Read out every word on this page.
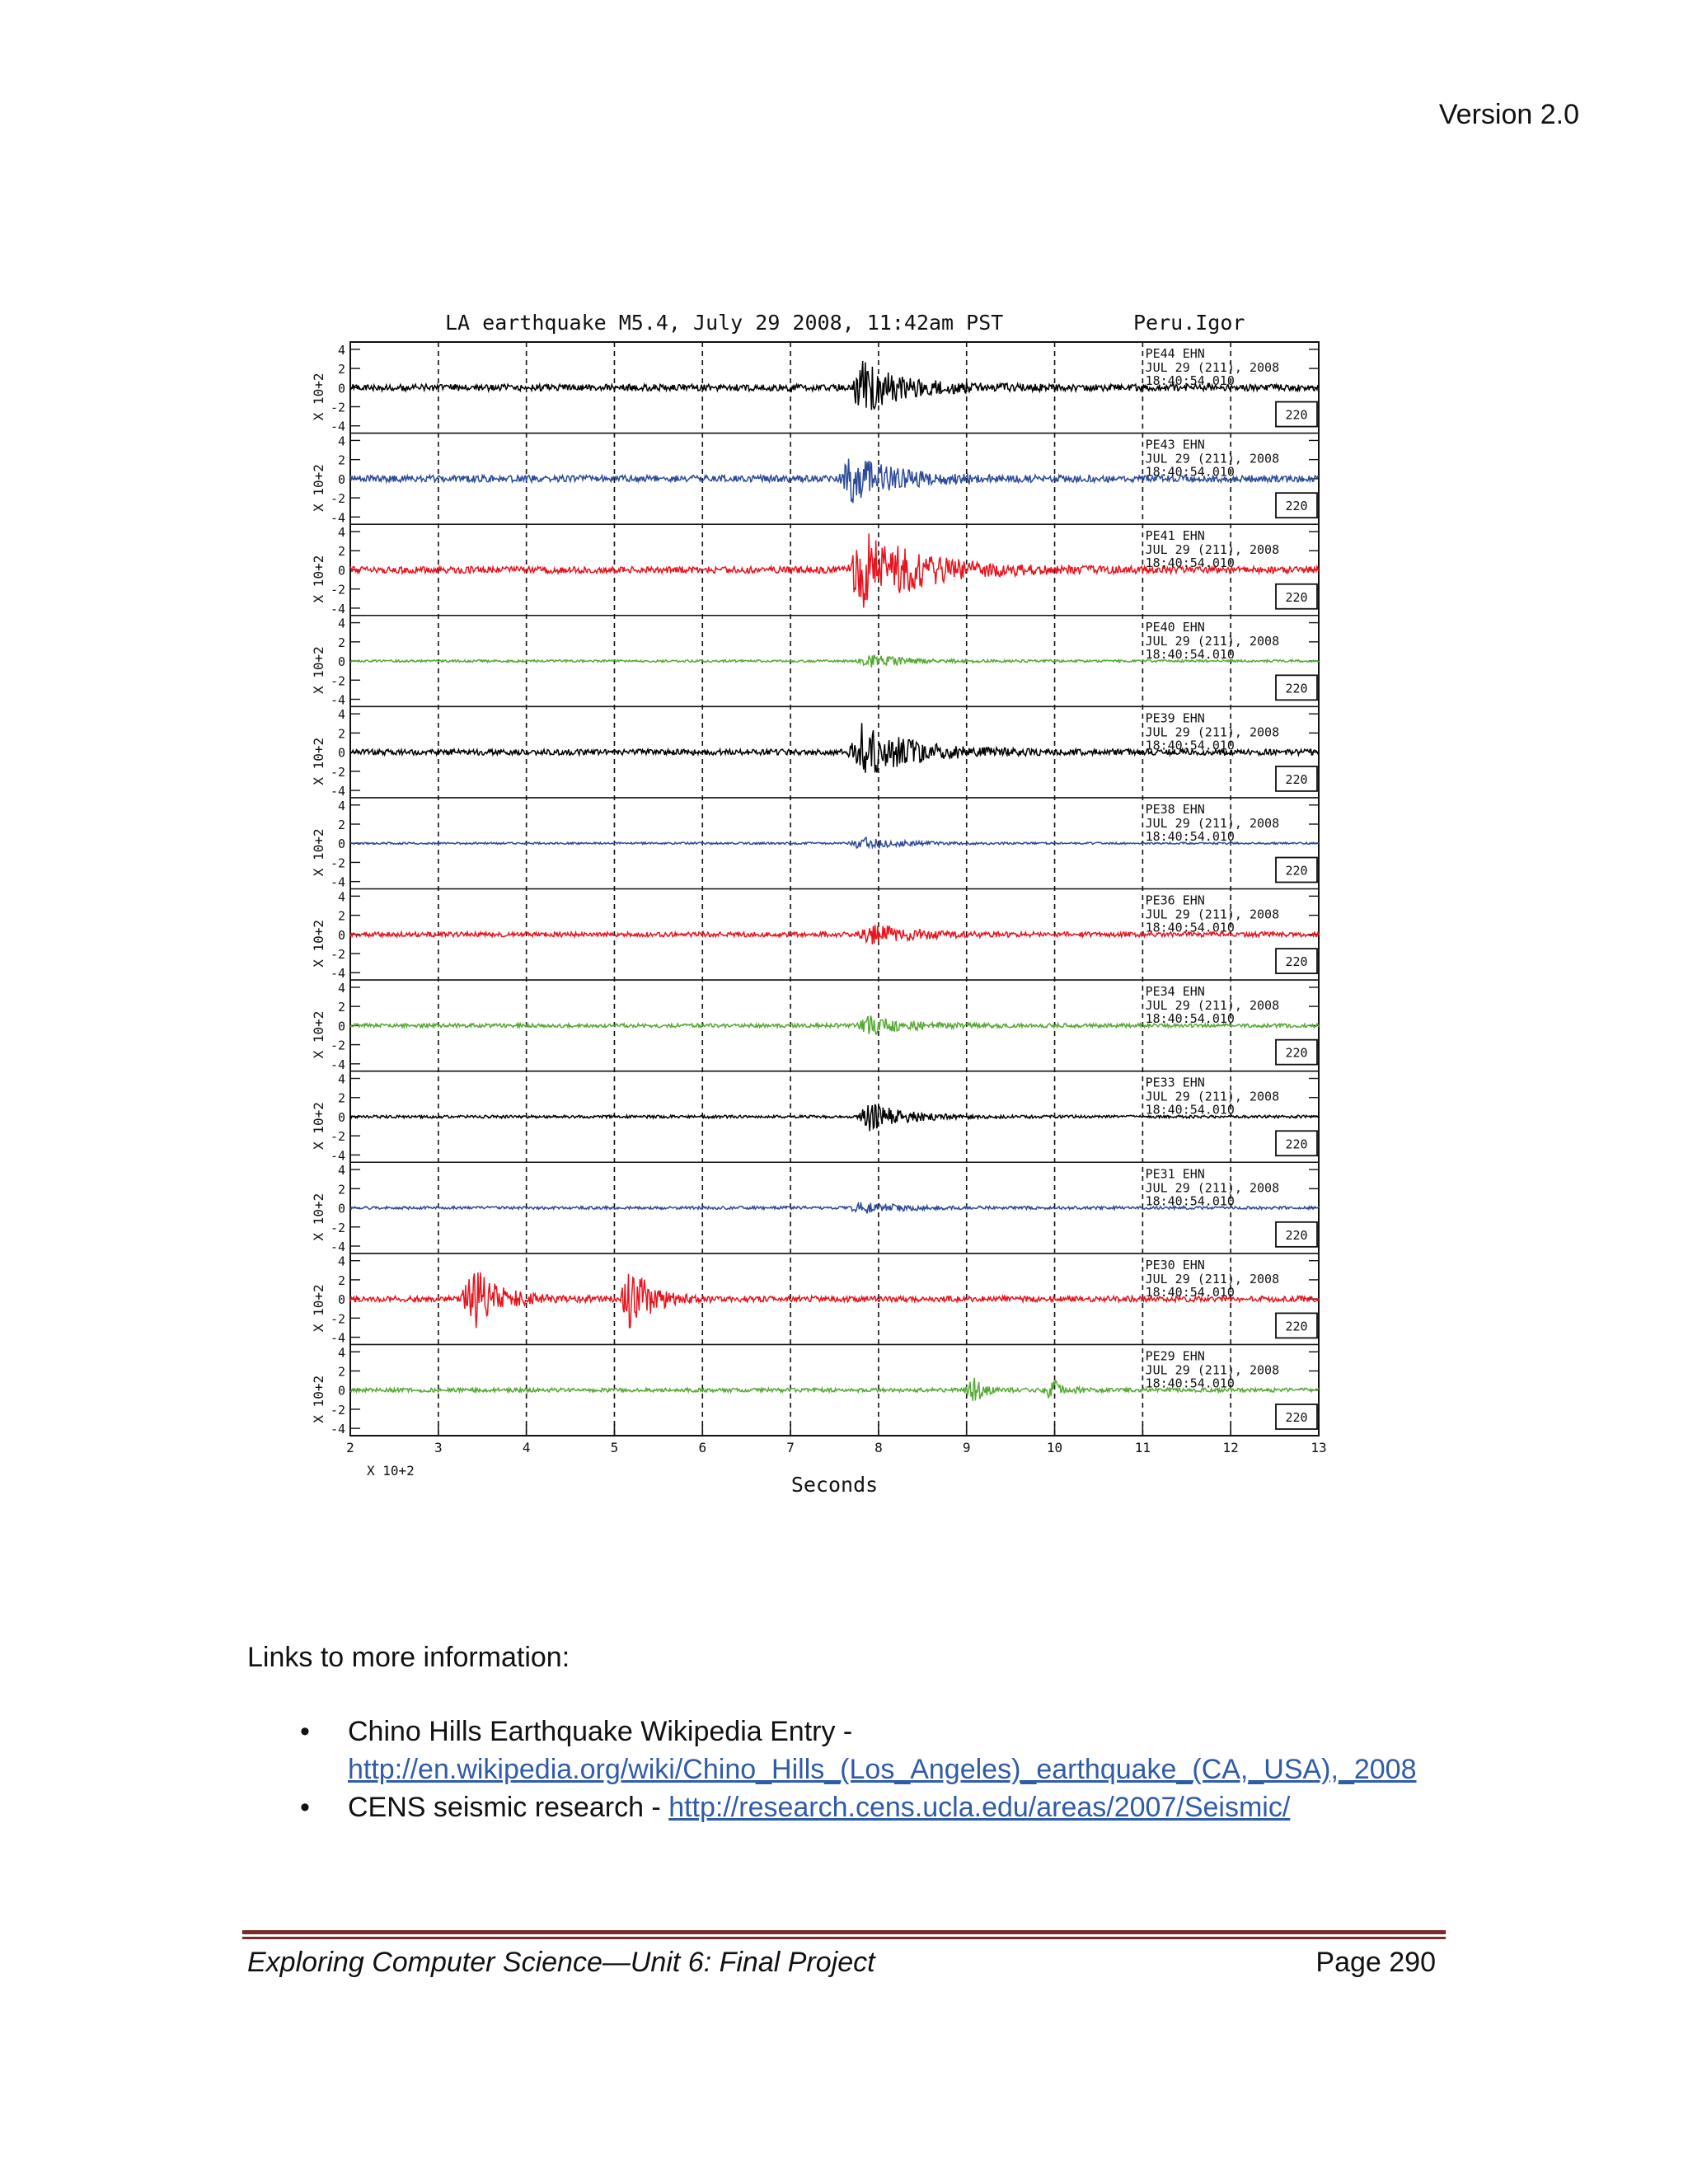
Version 2.0
LA earthquake M5.4, July 29 2008, 11:42am PST	Peru.Igor
4
2
0
-2
-4
X 10+2
PE44 EHN
JUL 29 (211), 2008
18:40:54.010
220
4
2
0
-2
-4
X 10+2
PE43 EHN
JUL 29 (211), 2008
18:40:54.010
220
4
2
0
-2
-4
X 10+2
PE41 EHN
JUL 29 (211), 2008
18:40:54.010
220
4
2
0
-2
-4
X 10+2
PE40 EHN
JUL 29 (211), 2008
18:40:54.010
220
4
2
0
-2
-4
X 10+2
PE39 EHN
JUL 29 (211), 2008
18:40:54.010
220
4
2
0
-2
-4
X 10+2
PE38 EHN
JUL 29 (211), 2008
18:40:54.010
220
4
2
0
-2
-4
X 10+2
PE36 EHN
JUL 29 (211), 2008
18:40:54.010
220
4
2
0
-2
-4
X 10+2
PE34 EHN
JUL 29 (211), 2008
18:40:54.010
220
4
2
0
-2
-4
X 10+2
PE33 EHN
JUL 29 (211), 2008
18:40:54.010
220
4
2
0
-2
-4
X 10+2
PE31 EHN
JUL 29 (211), 2008
18:40:54.010
220
4
2
0
-2
-4
X 10+2
PE30 EHN
JUL 29 (211), 2008
18:40:54.010
220
4
2
0
-2
-4
X 10+2
PE29 EHN
JUL 29 (211), 2008
18:40:54.010
220
2	3	4	5	6	7	8	9	10	11	12	13
X 10+2
Seconds
Links to more information:
• Chino Hills Earthquake Wikipedia Entry -
http://en.wikipedia.org/wiki/Chino_Hills_(Los_Angeles)_earthquake_(CA,_USA),_2008
• CENS seismic research - http://research.cens.ucla.edu/areas/2007/Seismic/
Exploring Computer Science—Unit 6: Final Project	Page 290
